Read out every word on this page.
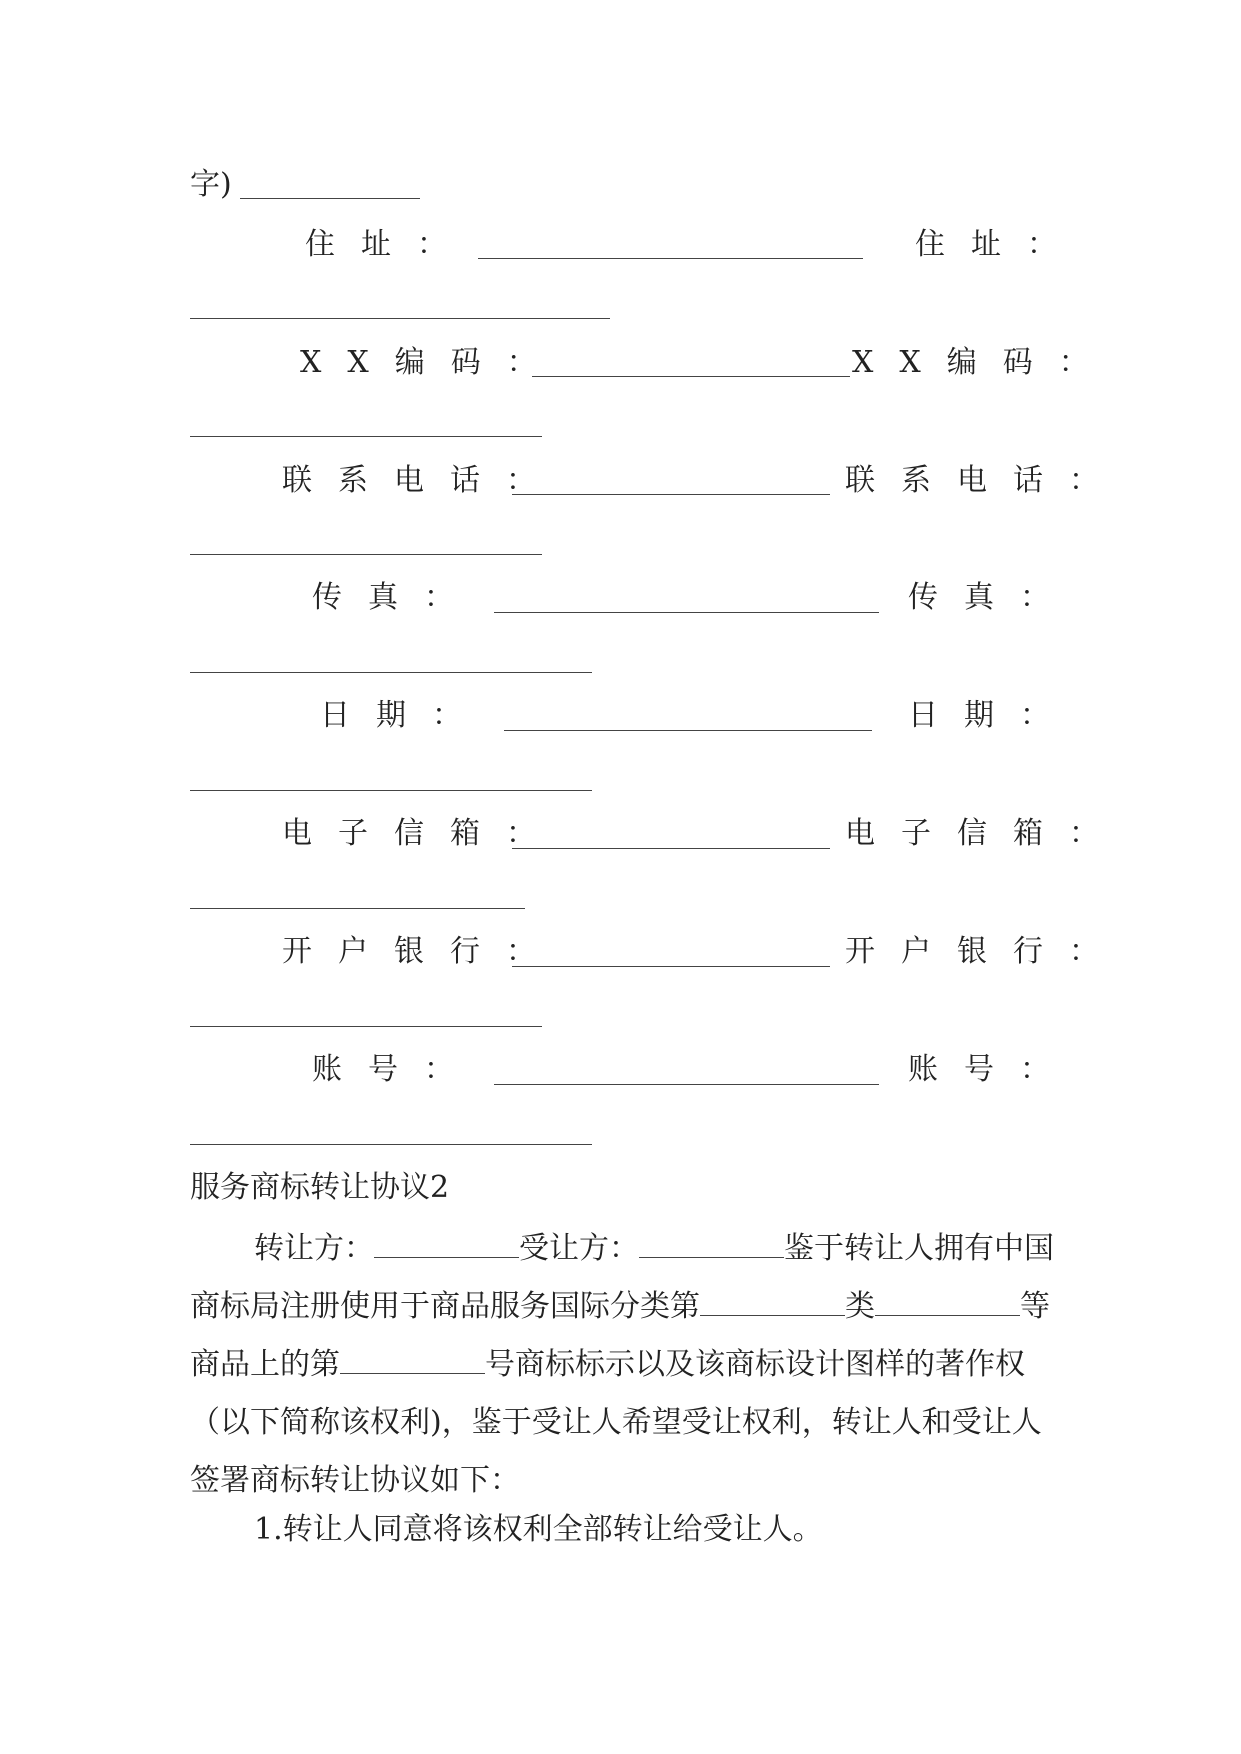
字)
住址：	住址：
XX编码：	XX编码：
联系电话：	联系电话：
传真：	传真：
日期：	日期：
电子信箱：	电子信箱：
开户银行：	开户银行：
账号：	账号：
服务商标转让协议2

转让方：	受让方：	鉴于转让人拥有中国商标局注册使用于商品服务国际分类第	类	等商品上的第	号商标标示以及该商标设计图样的著作权（以下简称该权利)，鉴于受让人希望受让权利，转让人和受让人签署商标转让协议如下：

1.转让人同意将该权利全部转让给受让人。
